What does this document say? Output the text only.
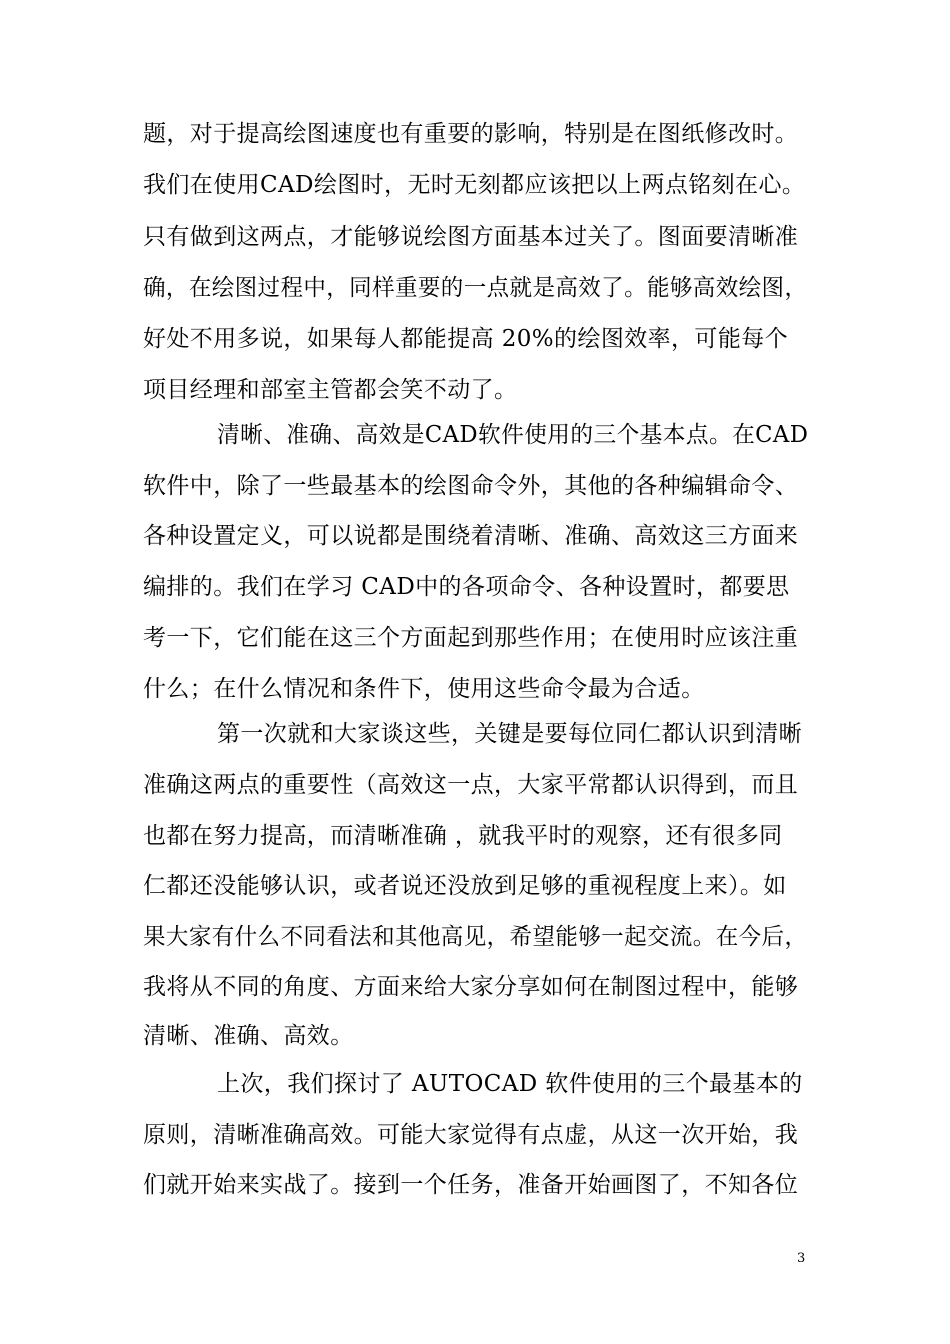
题，对于提高绘图速度也有重要的影响，特别是在图纸修改时。
我们在使用CAD绘图时，无时无刻都应该把以上两点铭刻在心。
只有做到这两点，才能够说绘图方面基本过关了。图面要清晰准
确，在绘图过程中，同样重要的一点就是高效了。能够高效绘图，
好处不用多说，如果每人都能提高 20%的绘图效率，可能每个
项目经理和部室主管都会笑不动了。
清晰、准确、高效是CAD软件使用的三个基本点。在CAD
软件中，除了一些最基本的绘图命令外，其他的各种编辑命令、
各种设置定义，可以说都是围绕着清晰、准确、高效这三方面来
编排的。我们在学习 CAD中的各项命令、各种设置时，都要思
考一下，它们能在这三个方面起到那些作用；在使用时应该注重
什么；在什么情况和条件下，使用这些命令最为合适。
第一次就和大家谈这些，关键是要每位同仁都认识到清晰
准确这两点的重要性（高效这一点，大家平常都认识得到，而且
也都在努力提高，而清晰准确 ，就我平时的观察，还有很多同
仁都还没能够认识，或者说还没放到足够的重视程度上来）。如
果大家有什么不同看法和其他高见，希望能够一起交流。在今后，
我将从不同的角度、方面来给大家分享如何在制图过程中，能够
清晰、准确、高效。
上次，我们探讨了 AUTOCAD 软件使用的三个最基本的
原则，清晰准确高效。可能大家觉得有点虚，从这一次开始，我
们就开始来实战了。接到一个任务，准备开始画图了，不知各位
3
